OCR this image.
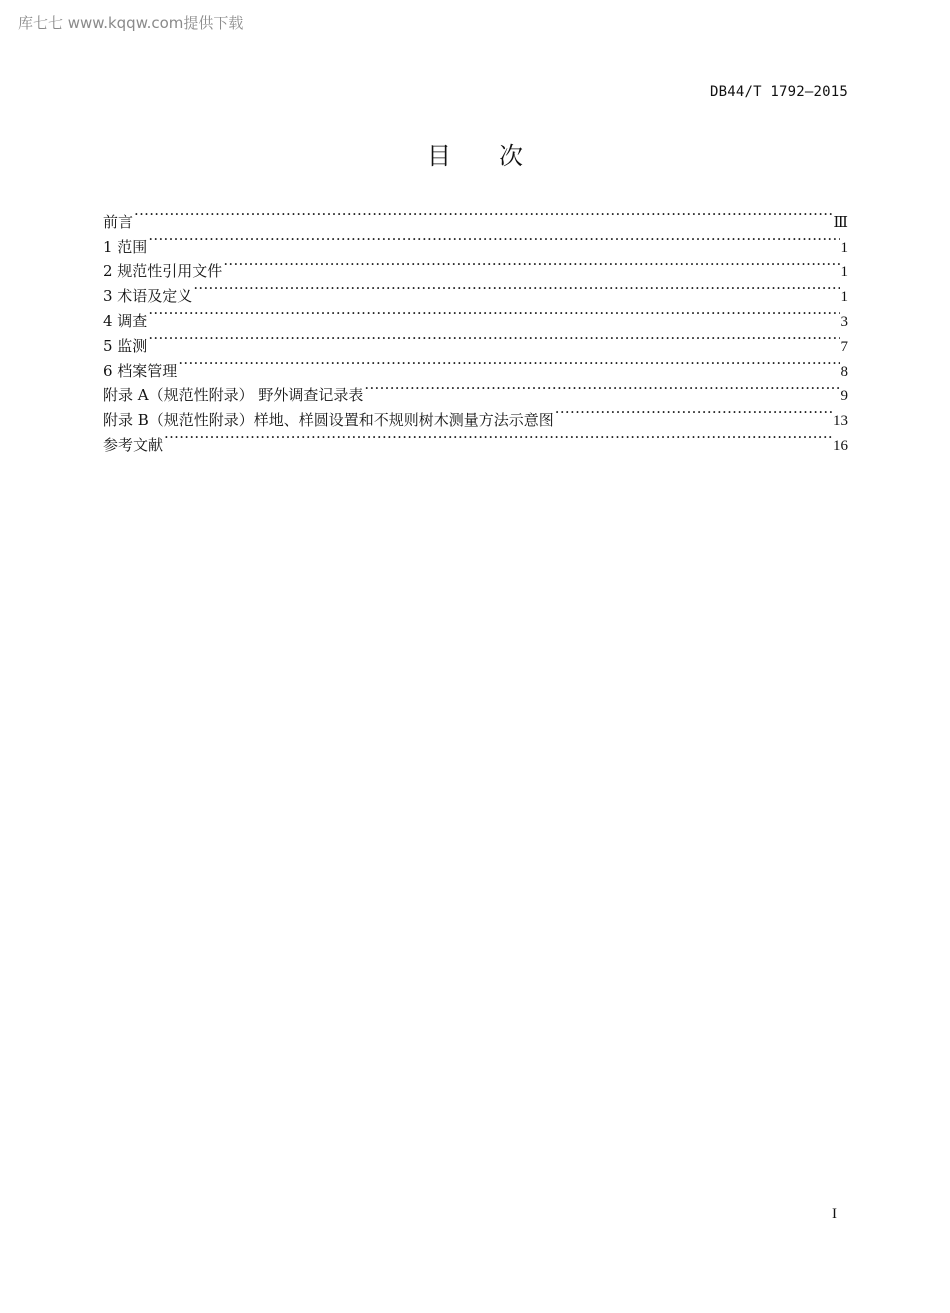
库七七 www.kqqw.com提供下载
DB44/T 1792—2015
目 次
前言 ·····	Ⅲ
1 范围 ·····	1
2 规范性引用文件 ·····	1
3 术语及定义 ·····	1
4 调查 ·····	3
5 监测 ·····	7
6 档案管理 ·····	8
附录 A（规范性附录） 野外调查记录表 ·····	9
附录 B（规范性附录）样地、样圆设置和不规则树木测量方法示意图 ·····	13
参考文献 ·····	16
I
